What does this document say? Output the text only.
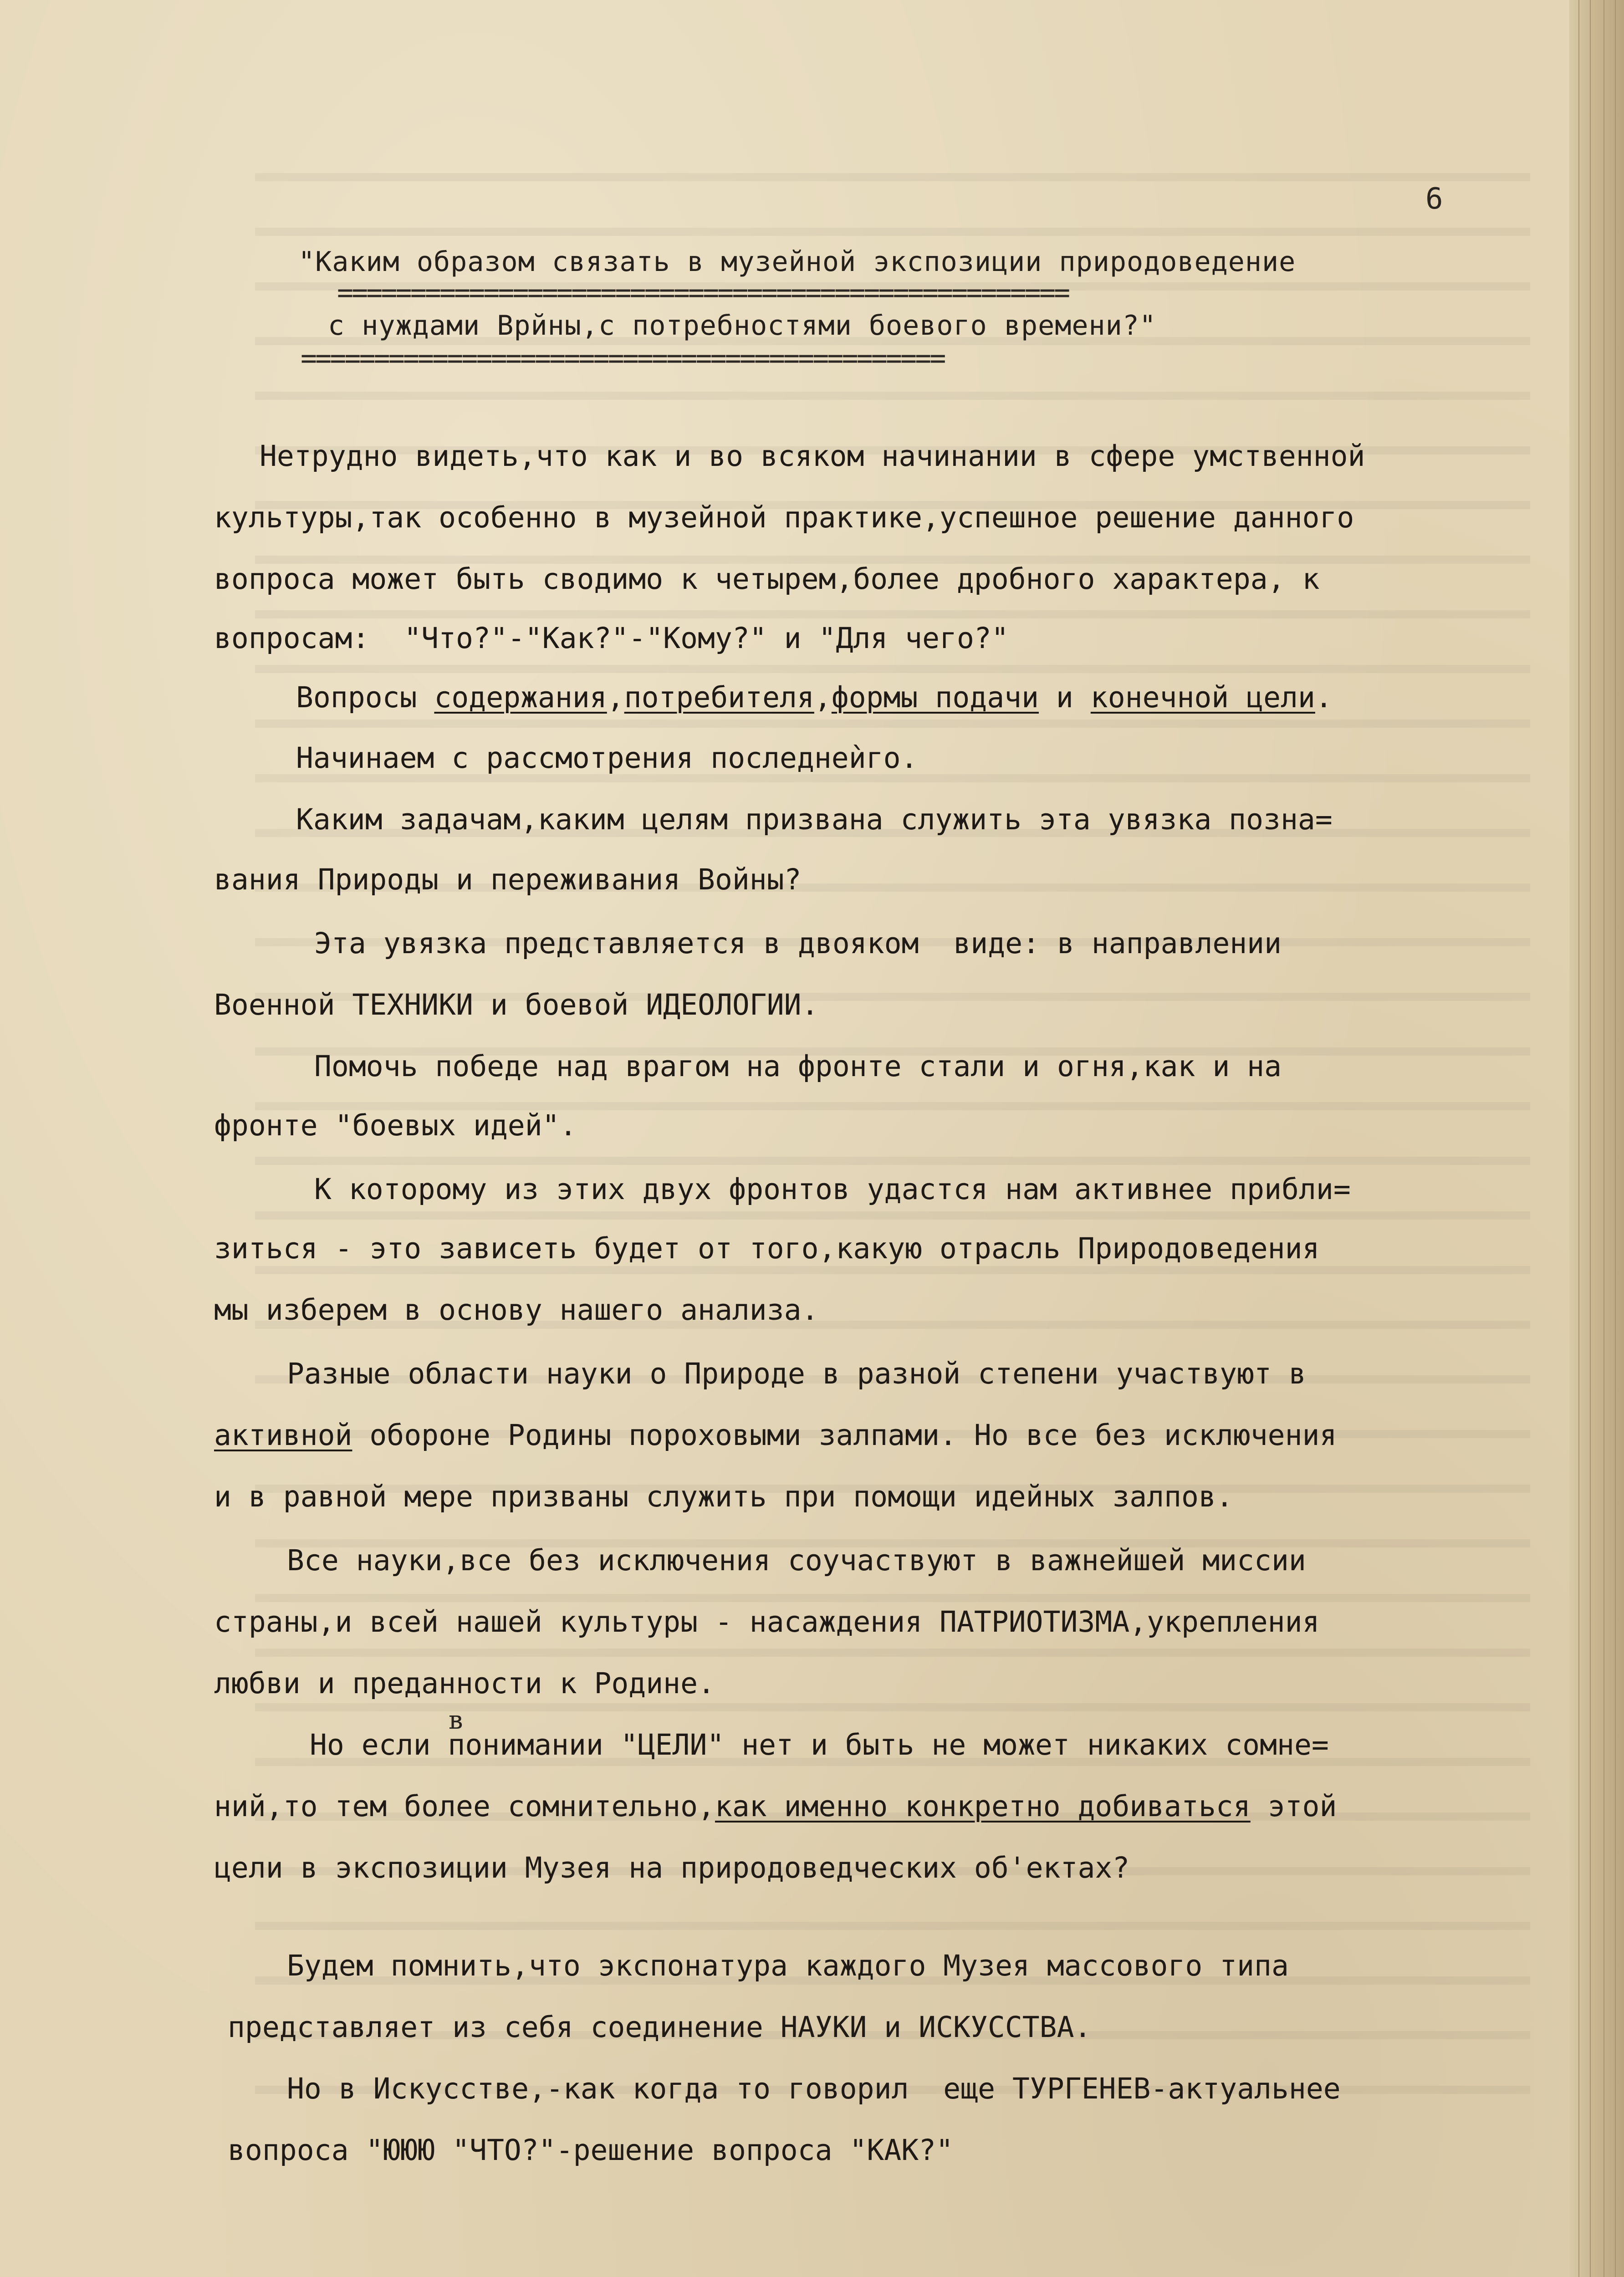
6
"Каким образом связать в музейной экспозиции природоведение
==================================================
с нуждами Врйны,с потребностями боевого времени?"
============================================
Нетрудно видеть,что как и во всяком начинании в сфере умственной
культуры,так особенно в музейной практике,успешное решение данного
вопроса может быть сводимо к четырем,более дробного характера, к
вопросам:  "Что?"-"Как?"-"Кому?" и "Для чего?"
Вопросы содержания,потребителя,формы подачи и конечной цели.
Начинаем с рассмотрения последнеѝго.
Каким задачам,каким целям призвана служить эта увязка позна=
вания Природы и переживания Войны?
Эта увязка представляется в двояком  виде: в направлении
Военной ТЕХНИКИ и боевой ИДЕОЛОГИИ.
Помочь победе над врагом на фронте стали и огня,как и на
фронте "боевых идей".
К которому из этих двух фронтов удастся нам активнее прибли=
зиться - это зависеть будет от того,какую отрасль Природоведения
мы изберем в основу нашего анализа.
Разные области науки о Природе в разной степени участвуют в
активной обороне Родины пороховыми залпами. Но все без исключения
и в равной мере призваны служить при помощи идейных залпов.
Все науки,все без исключения соучаствуют в важнейшей миссии
страны,и всей нашей культуры - насаждения ПАТРИОТИЗМА,укрепления
любви и преданности к Родине.
в
Но если понимании "ЦЕЛИ" нет и быть не может никаких сомне=
ний,то тем более сомнительно,как именно конкретно добиваться этой
цели в экспозиции Музея на природоведческих об'ектах?
Будем помнить,что экспонатура каждого Музея массового типа
представляет из себя соединение НАУКИ и ИСКУССТВА.
Но в Искусстве,-как когда то говорил  еще ТУРГЕНЕВ-актуальнее
вопроса "ЮЮЮ "ЧТО?"-решение вопроса "КАК?"
